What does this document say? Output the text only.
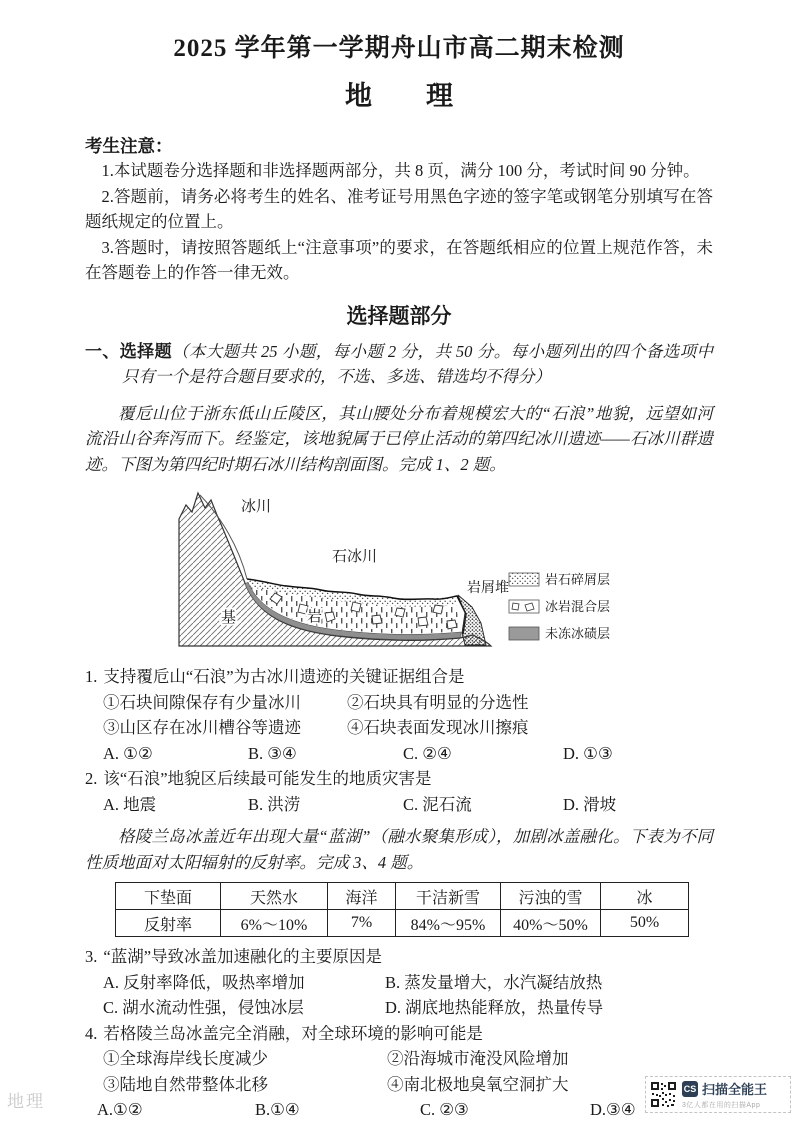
2025 学年第一学期舟山市高二期末检测
地　　理
考生注意：

1.本试题卷分选择题和非选择题两部分，共 8 页，满分 100 分，考试时间 90 分钟。

2.答题前，请务必将考生的姓名、准考证号用黑色字迹的签字笔或钢笔分别填写在答题纸规定的位置上。

3.答题时，请按照答题纸上“注意事项”的要求，在答题纸相应的位置上规范作答，未在答题卷上的作答一律无效。

选择题部分

一、选择题（本大题共 25 小题，每小题 2 分，共 50 分。每小题列出的四个备选项中只有一个是符合题目要求的，不选、多选、错选均不得分）

覆卮山位于浙东低山丘陵区，其山腰处分布着规模宏大的“石浪”地貌，远望如河流沿山谷奔泻而下。经鉴定，该地貌属于已停止活动的第四纪冰川遗迹——石冰川群遗迹。下图为第四纪时期石冰川结构剖面图。完成 1、2 题。

冰川
石冰川
岩屑堆
基	岩
岩石碎屑层
冰岩混合层
未冻冰碛层

1. 支持覆卮山“石浪”为古冰川遗迹的关键证据组合是

①石块间隙保存有少量冰川	②石块具有明显的分选性
③山区存在冰川槽谷等遗迹	④石块表面发现冰川擦痕
A. ①②	B. ③④	C. ②④	D. ①③

2. 该“石浪”地貌区后续最可能发生的地质灾害是

A. 地震	B. 洪涝	C. 泥石流	D. 滑坡

格陵兰岛冰盖近年出现大量“蓝湖”（融水聚集形成），加剧冰盖融化。下表为不同性质地面对太阳辐射的反射率。完成 3、4 题。

下垫面	天然水	海洋	干洁新雪	污浊的雪	冰
反射率	6%～10%	7%	84%～95%	40%～50%	50%

3. “蓝湖”导致冰盖加速融化的主要原因是

A. 反射率降低，吸热率增加	B. 蒸发量增大，水汽凝结放热
C. 湖水流动性强，侵蚀冰层	D. 湖底地热能释放，热量传导

4. 若格陵兰岛冰盖完全消融，对全球环境的影响可能是

①全球海岸线长度减少	②沿海城市淹没风险增加
③陆地自然带整体北移	④南北极地臭氧空洞扩大
A.①②	B.①④	C. ②③	D.③④
地理
CS 扫描全能王
3亿人都在用的扫描App
